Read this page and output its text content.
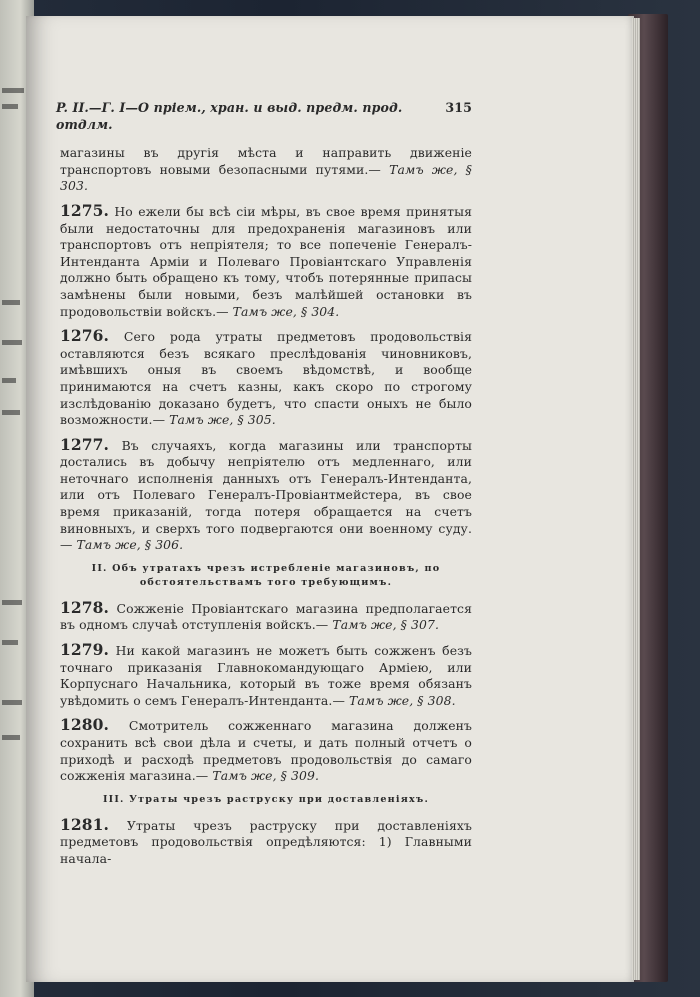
P. II.—Г. I—О пріем., хран. и выд. предм. прод. отдлм.
315

магазины въ другія мѣста и направить движеніе транспортовъ новыми безопасными путями.— Тамъ же, § 303.

1275. Но ежели бы всѣ сіи мѣры, въ свое время принятыя были недостаточны для предохраненія магазиновъ или транспортовъ отъ непріятеля; то все попеченіе Генералъ-Интенданта Арміи и Полеваго Провіантскаго Управленія должно быть обращено къ тому, чтобъ потерянные припасы замѣнены были новыми, безъ малѣйшей остановки въ продовольствіи войскъ.— Тамъ же, § 304.

1276. Сего рода утраты предметовъ продовольствія оставляются безъ всякаго преслѣдованія чиновниковъ, имѣвшихъ оныя въ своемъ вѣдомствѣ, и вообще принимаются на счетъ казны, какъ скоро по строгому изслѣдованію доказано будетъ, что спасти оныхъ не было возможности.— Тамъ же, § 305.

1277. Въ случаяхъ, когда магазины или транспорты достались въ добычу непріятелю отъ медленнаго, или неточнаго исполненія данныхъ отъ Генералъ-Интенданта, или отъ Полеваго Генералъ-Провіантмейстера, въ свое время приказаній, тогда потеря обращается на счетъ виновныхъ, и сверхъ того подвергаются они военному суду. — Тамъ же, § 306.

II. Объ утратахъ чрезъ истребленіе магазиновъ, по обстоятельствамъ того требующимъ.

1278. Сожженіе Провіантскаго магазина предполагается въ одномъ случаѣ отступленія войскъ.— Тамъ же, § 307.

1279. Ни какой магазинъ не можетъ быть сожженъ безъ точнаго приказанія Главнокомандующаго Арміею, или Корпуснаго Начальника, который въ тоже время обязанъ увѣдомить о семъ Генералъ-Интенданта.— Тамъ же, § 308.

1280. Смотритель сожженнаго магазина долженъ сохранить всѣ свои дѣла и счеты, и дать полный отчетъ о приходѣ и расходѣ предметовъ продовольствія до самаго сожженія магазина.— Тамъ же, § 309.

III. Утраты чрезъ раструску при доставленіяхъ.

1281. Утраты чрезъ раструску при доставленіяхъ предметовъ продовольствія опредѣляются: 1) Главными начала-
